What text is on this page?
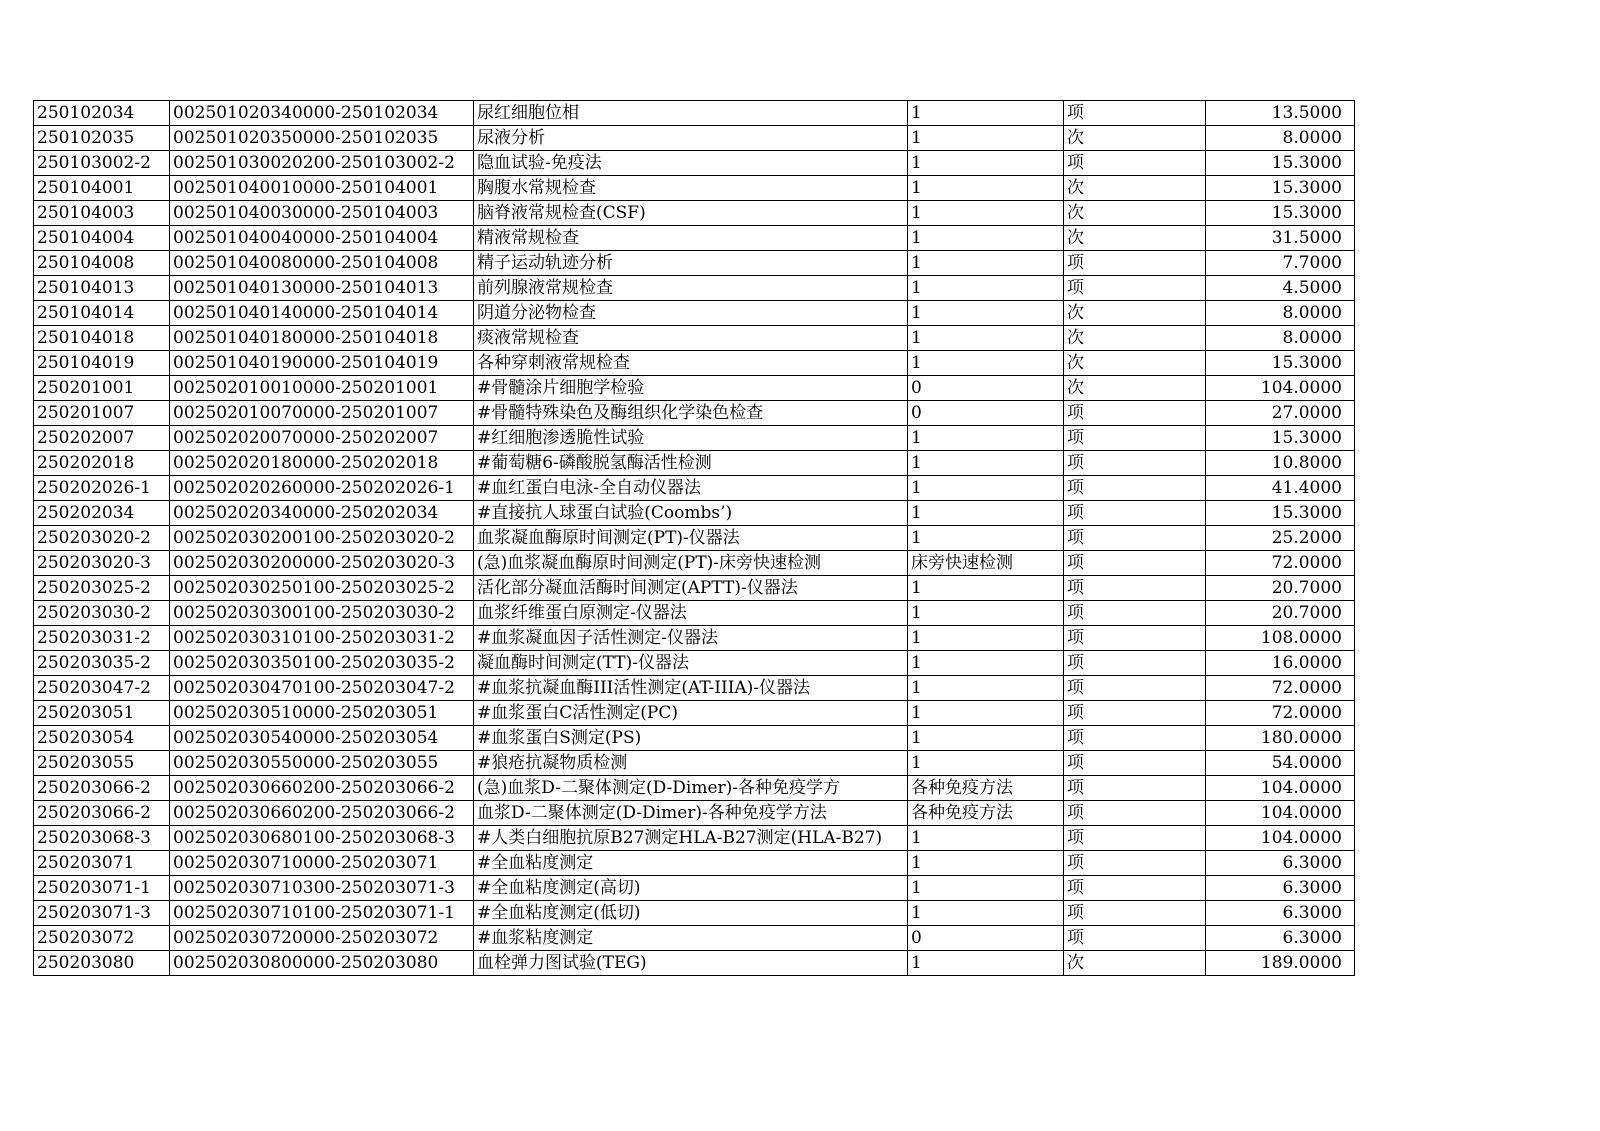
250102034	002501020340000-250102034	尿红细胞位相	1	项	13.5000
250102035	002501020350000-250102035	尿液分析	1	次	8.0000
250103002-2	002501030020200-250103002-2	隐血试验-免疫法	1	项	15.3000
250104001	002501040010000-250104001	胸腹水常规检查	1	次	15.3000
250104003	002501040030000-250104003	脑脊液常规检查(CSF)	1	次	15.3000
250104004	002501040040000-250104004	精液常规检查	1	次	31.5000
250104008	002501040080000-250104008	精子运动轨迹分析	1	项	7.7000
250104013	002501040130000-250104013	前列腺液常规检查	1	项	4.5000
250104014	002501040140000-250104014	阴道分泌物检查	1	次	8.0000
250104018	002501040180000-250104018	痰液常规检查	1	次	8.0000
250104019	002501040190000-250104019	各种穿刺液常规检查	1	次	15.3000
250201001	002502010010000-250201001	#骨髓涂片细胞学检验	0	次	104.0000
250201007	002502010070000-250201007	#骨髓特殊染色及酶组织化学染色检查	0	项	27.0000
250202007	002502020070000-250202007	#红细胞渗透脆性试验	1	项	15.3000
250202018	002502020180000-250202018	#葡萄糖6-磷酸脱氢酶活性检测	1	项	10.8000
250202026-1	002502020260000-250202026-1	#血红蛋白电泳-全自动仪器法	1	项	41.4000
250202034	002502020340000-250202034	#直接抗人球蛋白试验(Coombs’)	1	项	15.3000
250203020-2	002502030200100-250203020-2	血浆凝血酶原时间测定(PT)-仪器法	1	项	25.2000
250203020-3	002502030200000-250203020-3	(急)血浆凝血酶原时间测定(PT)-床旁快速检测	床旁快速检测	项	72.0000
250203025-2	002502030250100-250203025-2	活化部分凝血活酶时间测定(APTT)-仪器法	1	项	20.7000
250203030-2	002502030300100-250203030-2	血浆纤维蛋白原测定-仪器法	1	项	20.7000
250203031-2	002502030310100-250203031-2	#血浆凝血因子活性测定-仪器法	1	项	108.0000
250203035-2	002502030350100-250203035-2	凝血酶时间测定(TT)-仪器法	1	项	16.0000
250203047-2	002502030470100-250203047-2	#血浆抗凝血酶III活性测定(AT-IIIA)-仪器法	1	项	72.0000
250203051	002502030510000-250203051	#血浆蛋白C活性测定(PC)	1	项	72.0000
250203054	002502030540000-250203054	#血浆蛋白S测定(PS)	1	项	180.0000
250203055	002502030550000-250203055	#狼疮抗凝物质检测	1	项	54.0000
250203066-2	002502030660200-250203066-2	(急)血浆D-二聚体测定(D-Dimer)-各种免疫学方	各种免疫方法	项	104.0000
250203066-2	002502030660200-250203066-2	血浆D-二聚体测定(D-Dimer)-各种免疫学方法	各种免疫方法	项	104.0000
250203068-3	002502030680100-250203068-3	#人类白细胞抗原B27测定HLA-B27测定(HLA-B27)	1	项	104.0000
250203071	002502030710000-250203071	#全血粘度测定	1	项	6.3000
250203071-1	002502030710300-250203071-3	#全血粘度测定(高切)	1	项	6.3000
250203071-3	002502030710100-250203071-1	#全血粘度测定(低切)	1	项	6.3000
250203072	002502030720000-250203072	#血浆粘度测定	0	项	6.3000
250203080	002502030800000-250203080	血栓弹力图试验(TEG)	1	次	189.0000
